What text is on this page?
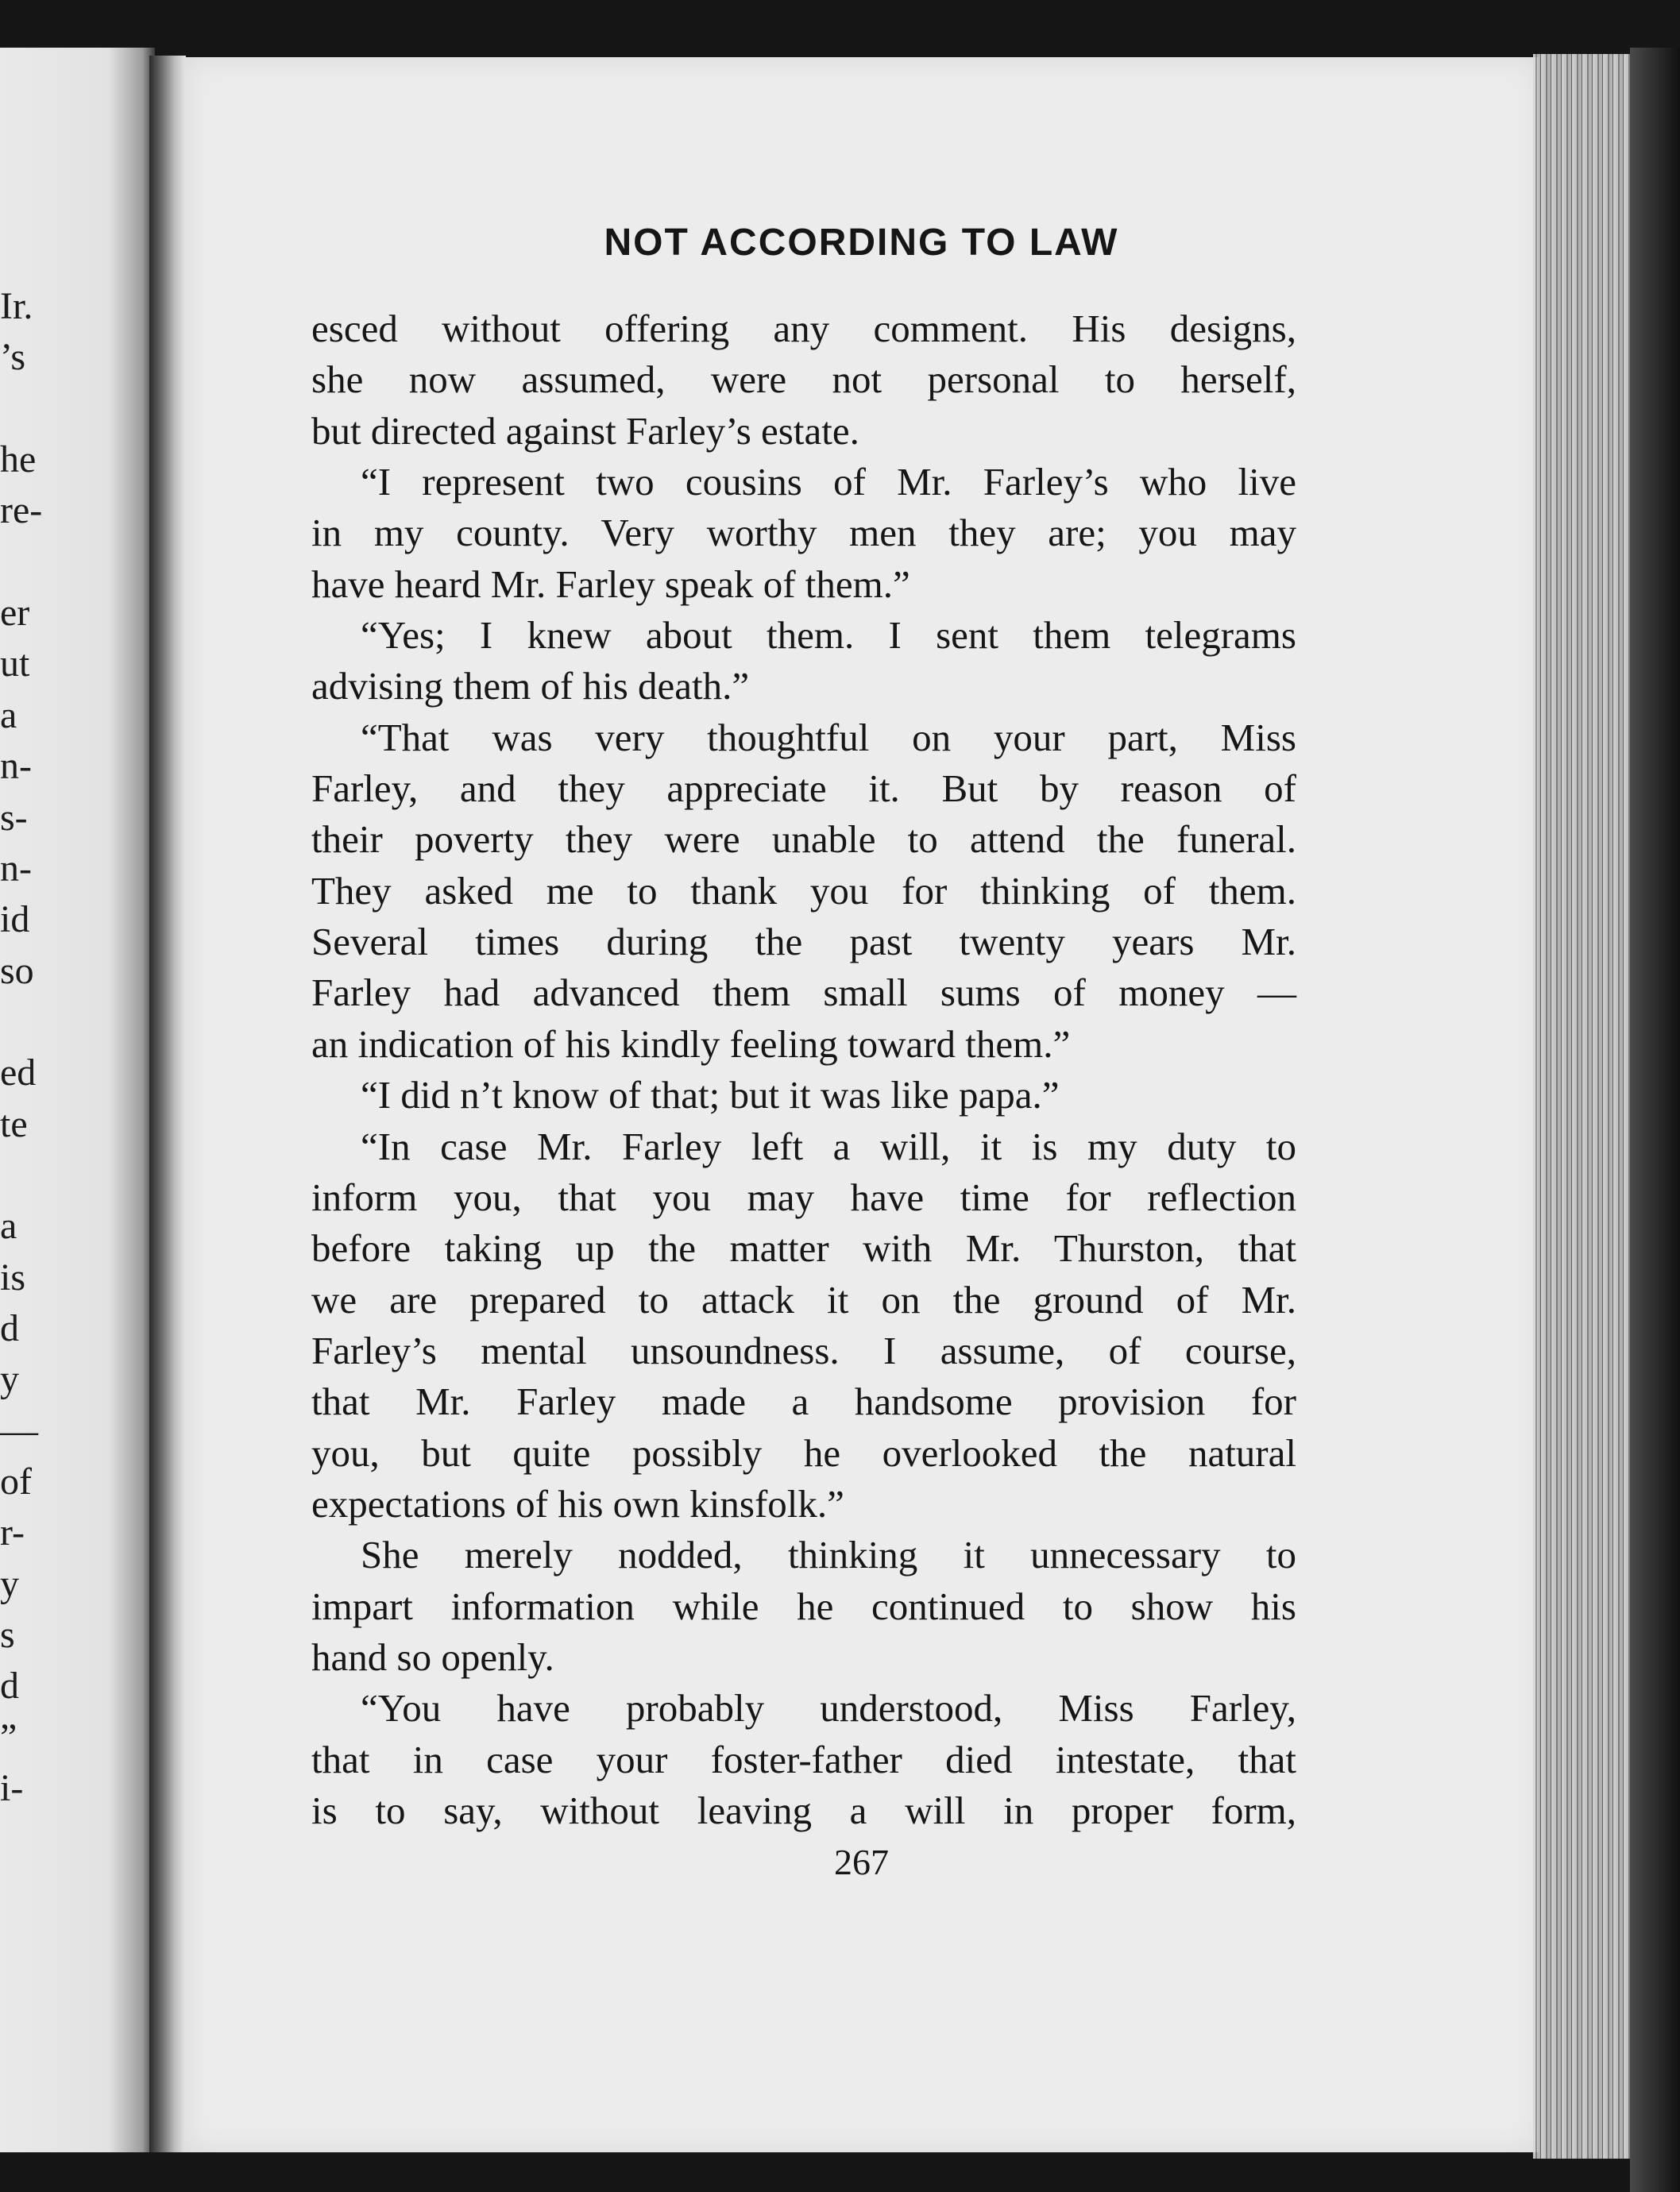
Ir.
’s
he
re-
er
ut
a
n-
s-
n-
id
so
ed
te
a
is
d
y
—
of
r-
y
s
d
”
i-
NOT ACCORDING TO LAW
esced without offering any comment. His designs,
she now assumed, were not personal to herself,
but directed against Farley’s estate.
“I represent two cousins of Mr. Farley’s who live
in my county. Very worthy men they are; you may
have heard Mr. Farley speak of them.”
“Yes; I knew about them. I sent them telegrams
advising them of his death.”
“That was very thoughtful on your part, Miss
Farley, and they appreciate it. But by reason of
their poverty they were unable to attend the funeral.
They asked me to thank you for thinking of them.
Several times during the past twenty years Mr.
Farley had advanced them small sums of money —
an indication of his kindly feeling toward them.”
“I did n’t know of that; but it was like papa.”
“In case Mr. Farley left a will, it is my duty to
inform you, that you may have time for reflection
before taking up the matter with Mr. Thurston, that
we are prepared to attack it on the ground of Mr.
Farley’s mental unsoundness. I assume, of course,
that Mr. Farley made a handsome provision for
you, but quite possibly he overlooked the natural
expectations of his own kinsfolk.”
She merely nodded, thinking it unnecessary to
impart information while he continued to show his
hand so openly.
“You have probably understood, Miss Farley,
that in case your foster-father died intestate, that
is to say, without leaving a will in proper form,
267
